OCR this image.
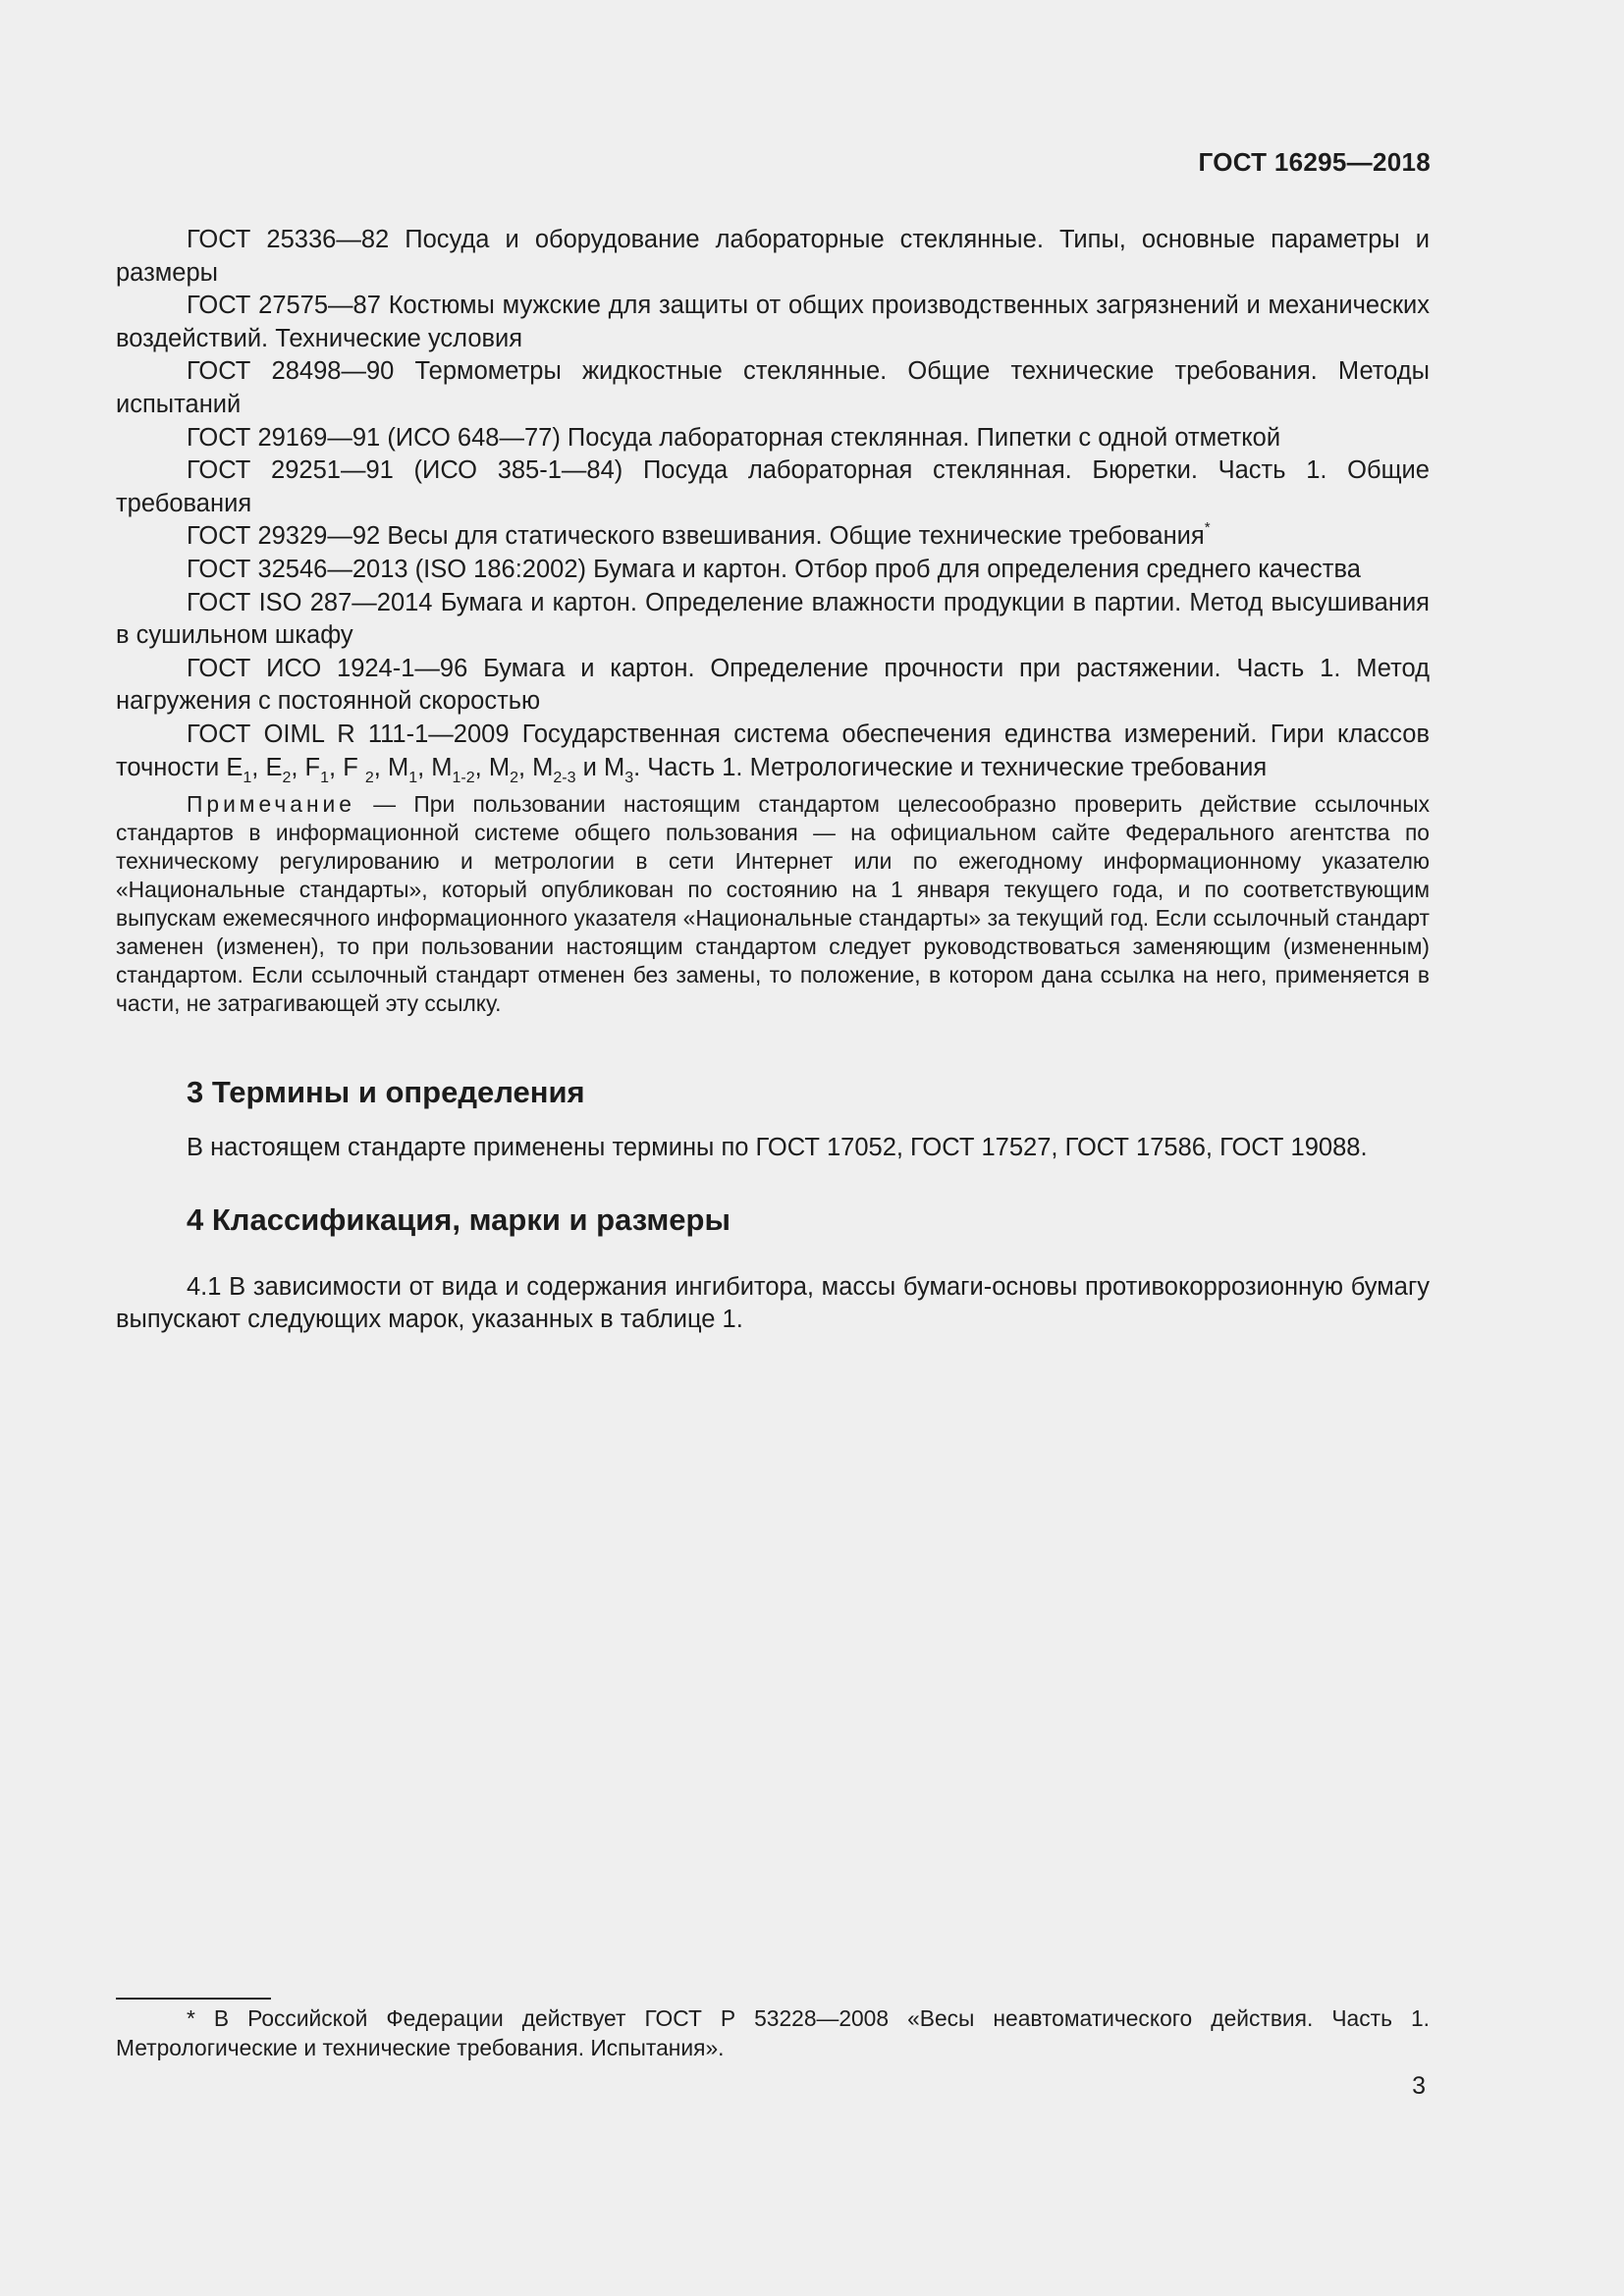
ГОСТ 16295—2018

ГОСТ 25336—82 Посуда и оборудование лабораторные стеклянные. Типы, основные параметры и размеры

ГОСТ 27575—87 Костюмы мужские для защиты от общих производственных загрязнений и механических воздействий. Технические условия

ГОСТ 28498—90 Термометры жидкостные стеклянные. Общие технические требования. Методы испытаний

ГОСТ 29169—91 (ИСО 648—77) Посуда лабораторная стеклянная. Пипетки с одной отметкой

ГОСТ 29251—91 (ИСО 385-1—84) Посуда лабораторная стеклянная. Бюретки. Часть 1. Общие требования

ГОСТ 29329—92 Весы для статического взвешивания. Общие технические требования*

ГОСТ 32546—2013 (ISO 186:2002) Бумага и картон. Отбор проб для определения среднего качества

ГОСТ ISO 287—2014 Бумага и картон. Определение влажности продукции в партии. Метод высушивания в сушильном шкафу

ГОСТ ИСО 1924-1—96 Бумага и картон. Определение прочности при растяжении. Часть 1. Метод нагружения с постоянной скоростью

ГОСТ OIML R 111-1—2009 Государственная система обеспечения единства измерений. Гири классов точности $E_1$, $E_2$, $F_1$, F $_2$, $M_1$, $M_{1-2}$, $M_2$, $M_{2-3}$ и $M_3$. Часть 1. Метрологические и технические требования

Примечание — При пользовании настоящим стандартом целесообразно проверить действие ссылочных стандартов в информационной системе общего пользования — на официальном сайте Федерального агентства по техническому регулированию и метрологии в сети Интернет или по ежегодному информационному указателю «Национальные стандарты», который опубликован по состоянию на 1 января текущего года, и по соответствующим выпускам ежемесячного информационного указателя «Национальные стандарты» за текущий год. Если ссылочный стандарт заменен (изменен), то при пользовании настоящим стандартом следует руководствоваться заменяющим (измененным) стандартом. Если ссылочный стандарт отменен без замены, то положение, в котором дана ссылка на него, применяется в части, не затрагивающей эту ссылку.

3 Термины и определения

В настоящем стандарте применены термины по ГОСТ 17052, ГОСТ 17527, ГОСТ 17586, ГОСТ 19088.

4 Классификация, марки и размеры

4.1 В зависимости от вида и содержания ингибитора, массы бумаги-основы противокоррозионную бумагу выпускают следующих марок, указанных в таблице 1.

* В Российской Федерации действует ГОСТ Р 53228—2008 «Весы неавтоматического действия. Часть 1. Метрологические и технические требования. Испытания».

3
